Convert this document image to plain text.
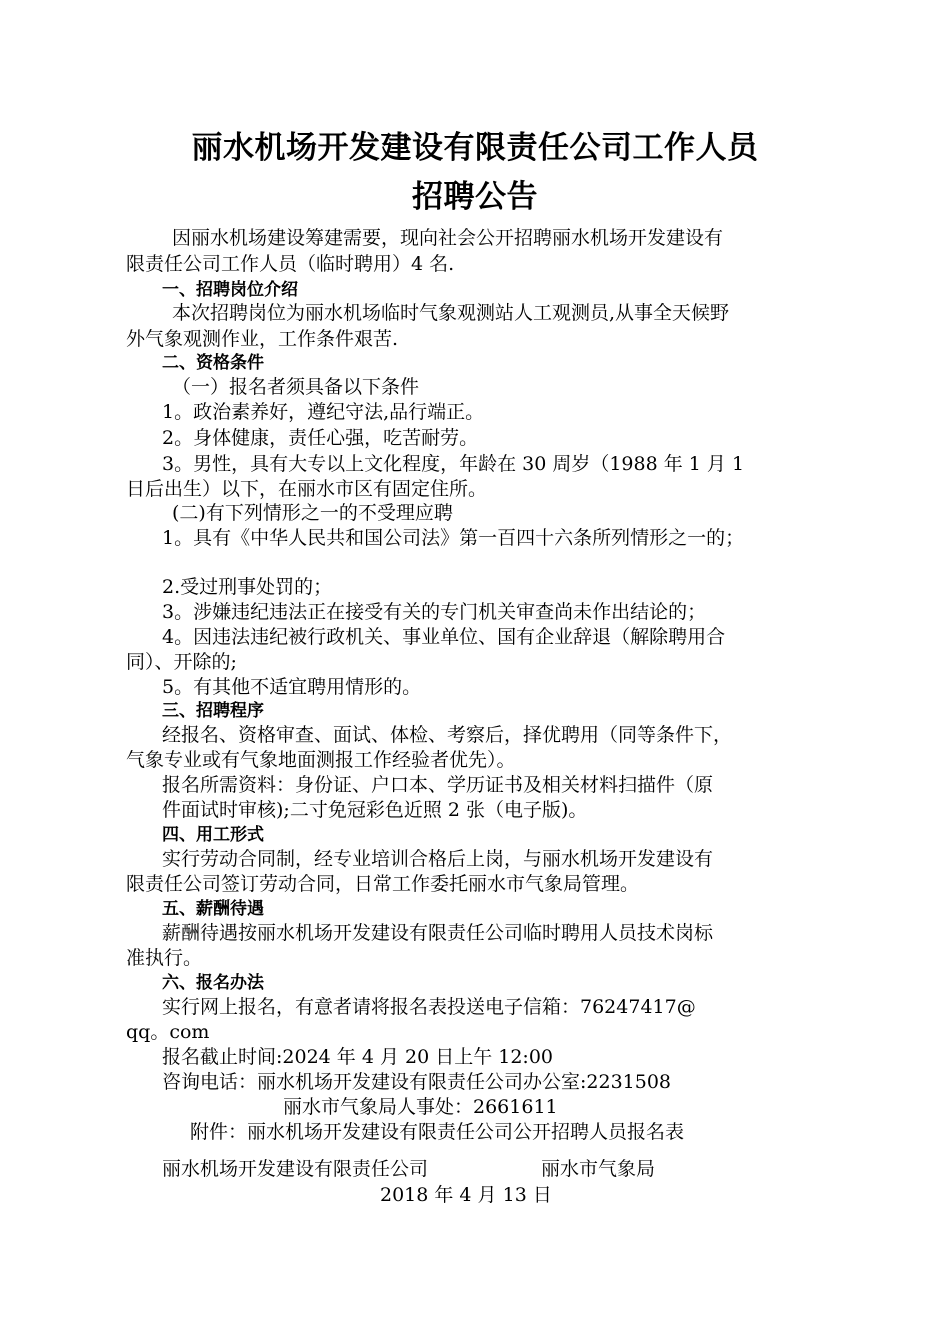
丽水机场开发建设有限责任公司工作人员
招聘公告
因丽水机场建设筹建需要，现向社会公开招聘丽水机场开发建设有
限责任公司工作人员（临时聘用）4 名.
一、招聘岗位介绍
本次招聘岗位为丽水机场临时气象观测站人工观测员,从事全天候野
外气象观测作业，工作条件艰苦.
二、资格条件
（一）报名者须具备以下条件
1。政治素养好，遵纪守法,品行端正。
2。身体健康，责任心强，吃苦耐劳。
3。男性，具有大专以上文化程度，年龄在 30 周岁（1988 年 1 月 1
日后出生）以下，在丽水市区有固定住所。
(二)有下列情形之一的不受理应聘
1。具有《中华人民共和国公司法》第一百四十六条所列情形之一的；
2.受过刑事处罚的；
3。涉嫌违纪违法正在接受有关的专门机关审查尚未作出结论的；
4。因违法违纪被行政机关、事业单位、国有企业辞退（解除聘用合
同）、开除的;
5。有其他不适宜聘用情形的。
三、招聘程序
经报名、资格审查、面试、体检、考察后，择优聘用（同等条件下，
气象专业或有气象地面测报工作经验者优先）。
报名所需资料：身份证、户口本、学历证书及相关材料扫描件（原
件面试时审核);二寸免冠彩色近照 2 张（电子版)。
四、用工形式
实行劳动合同制，经专业培训合格后上岗，与丽水机场开发建设有
限责任公司签订劳动合同，日常工作委托丽水市气象局管理。
五、薪酬待遇
薪酬待遇按丽水机场开发建设有限责任公司临时聘用人员技术岗标
准执行。
六、报名办法
实行网上报名，有意者请将报名表投送电子信箱：76247417@
qq。com
报名截止时间:2024 年 4 月 20 日上午 12:00
咨询电话：丽水机场开发建设有限责任公司办公室:2231508
丽水市气象局人事处：2661611
附件：丽水机场开发建设有限责任公司公开招聘人员报名表
丽水机场开发建设有限责任公司	丽水市气象局
2018 年 4 月 13 日
